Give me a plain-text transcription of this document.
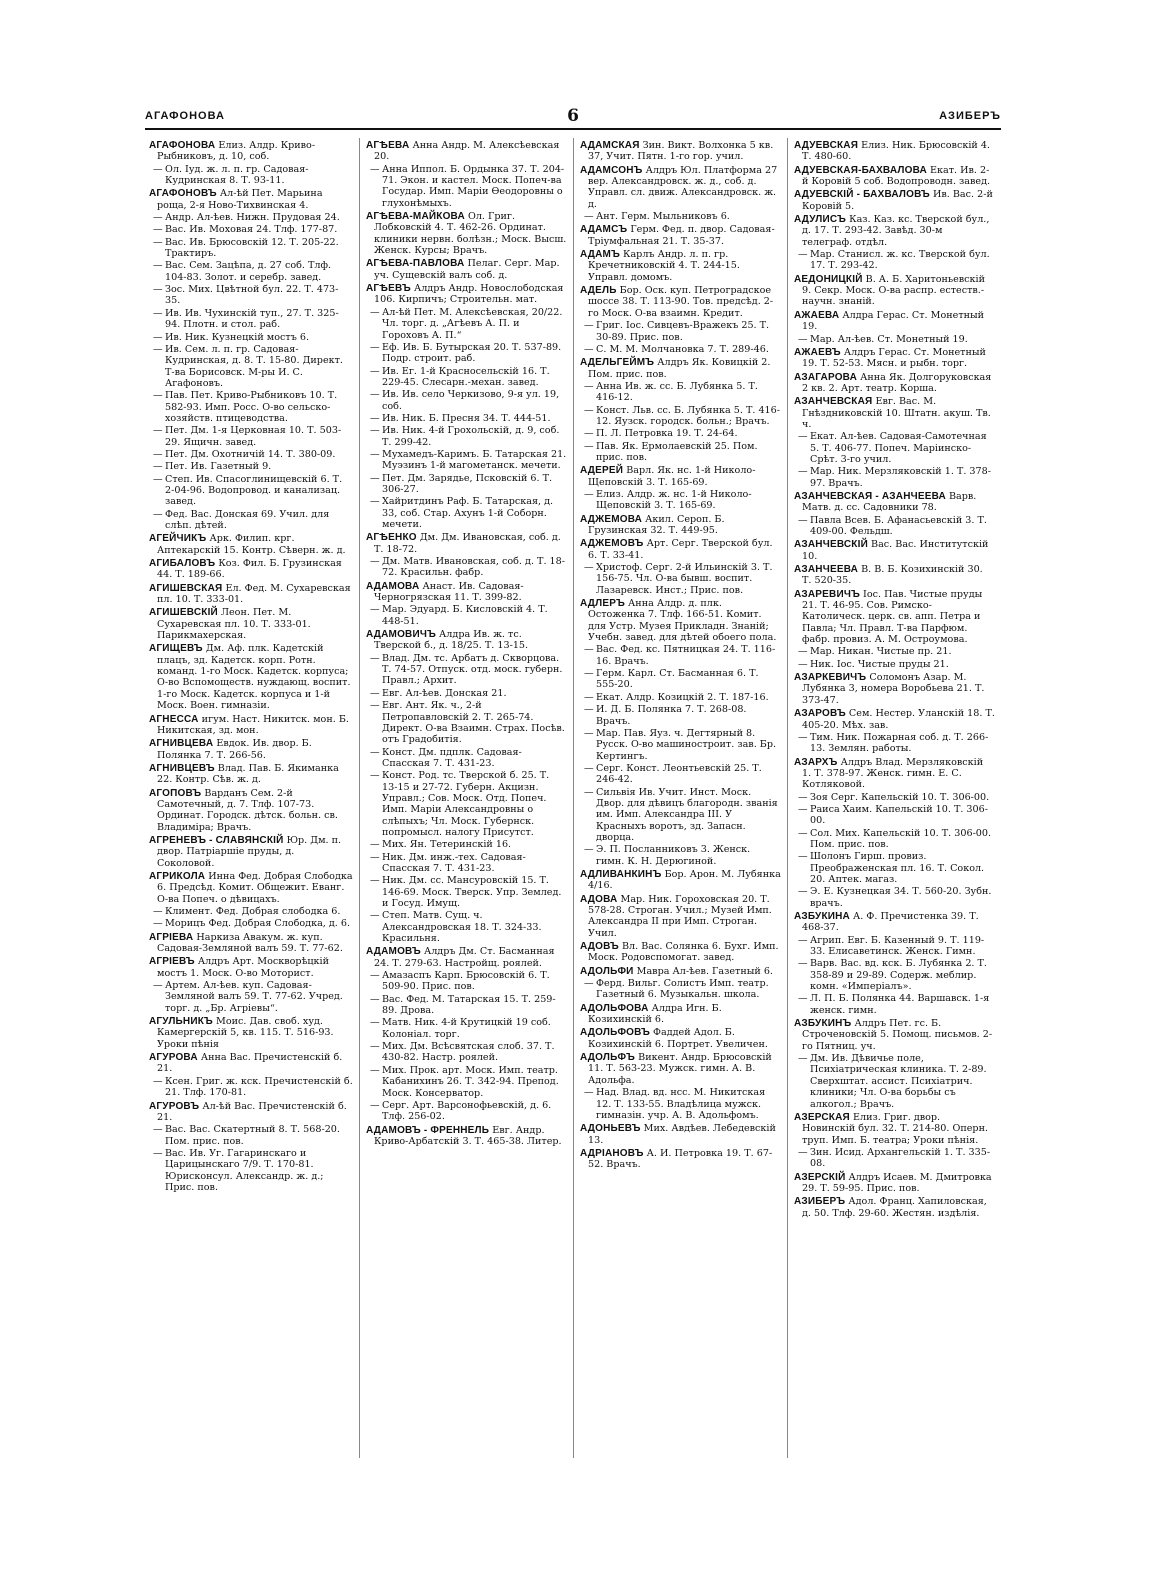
АГАФОНОВА	6	АЗИБЕРЪ
АГАФОНОВА Елиз. Алдр. Криво-Рыбниковъ, д. 10, соб.
— Ол. Іуд. ж. л. п. гр. Садовая-Кудринская 8. Т. 93-11.
АГАФОНОВЪ Ал-ѣй Пет. Марьина роща, 2-я Ново-Тихвинская 4.
— Андр. Ал-ѣев. Нижн. Прудовая 24.
— Вас. Ив. Моховая 24. Тлф. 177-87.
— Вас. Ив. Брюсовскій 12. Т. 205-22. Трактиръ.
— Вас. Сем. Зацѣпа, д. 27 соб. Тлф. 104-83. Золот. и серебр. завед.
— Зос. Мих. Цвѣтной бул. 22. Т. 473-35.
— Ив. Ив. Чухинскій туп., 27. Т. 325-94. Плотн. и стол. раб.
— Ив. Ник. Кузнецкій мостъ 6.
— Ив. Сем. л. п. гр. Садовая-Кудринская, д. 8. Т. 15-80. Директ. Т-ва Борисовск. М-ры И. С. Агафоновъ.
— Пав. Пет. Криво-Рыбниковъ 10. Т. 582-93. Имп. Росс. О-во сельско-хозяйств. птицеводства.
— Пет. Дм. 1-я Церковная 10. Т. 503-29. Ящичн. завед.
— Пет. Дм. Охотничій 14. Т. 380-09.
— Пет. Ив. Газетный 9.
— Степ. Ив. Спасоглинищевскій 6. Т. 2-04-96. Водопровод. и канализац. завед.
— Фед. Вас. Донская 69. Учил. для слѣп. дѣтей.
АГЕЙЧИКЪ Арк. Филип. крг. Аптекарскій 15. Контр. Сѣверн. ж. д.
АГИБАЛОВЪ Коз. Фил. Б. Грузинская 44. Т. 189-66.
АГИШЕВСКАЯ Ел. Фед. М. Сухаревская пл. 10. Т. 333-01.
АГИШЕВСКІЙ Леон. Пет. М. Сухаревская пл. 10. Т. 333-01. Парикмахерская.
АГИЩЕВЪ Дм. Аф. плк. Кадетскій плацъ, зд. Кадетск. корп. Ротн. команд. 1-го Моск. Кадетск. корпуса; О-во Вспомоществ. нуждающ. воспит. 1-го Моск. Кадетск. корпуса и 1-й Моск. Воен. гимназіи.
АГНЕССА игум. Наст. Никитск. мон. Б. Никитская, зд. мон.
АГНИВЦЕВА Евдок. Ив. двор. Б. Полянка 7. Т. 266-56.
АГНИВЦЕВЪ Влад. Пав. Б. Якиманка 22. Контр. Сѣв. ж. д.
АГОПОВЪ Варданъ Сем. 2-й Самотечный, д. 7. Тлф. 107-73. Ординат. Городск. дѣтск. больн. св. Владиміра; Врачъ.
АГРЕНЕВЪ - СЛАВЯНСКІЙ Юр. Дм. п. двор. Патріаршіе пруды, д. Соколовой.
АГРИКОЛА Инна Фед. Добрая Слободка 6. Предсѣд. Комит. Общежит. Еванг. О-ва Попеч. о дѣвицахъ.
— Климент. Фед. Добрая слободка 6.
— Морицъ Фед. Добрая Слободка, д. 6.
АГРІЕВА Наркиза Авакум. ж. куп. Садовая-Земляной валъ 59. Т. 77-62.
АГРІЕВЪ Алдръ Арт. Москворѣцкій мостъ 1. Моск. О-во Моторист.
— Артем. Ал-ѣев. куп. Садовая-Земляной валъ 59. Т. 77-62. Учред. торг. д. „Бр. Агріевы“.
АГУЛЬНИКЪ Моис. Дав. своб. худ. Камергерскій 5, кв. 115. Т. 516-93. Уроки пѣнія
АГУРОВА Анна Вас. Пречистенскій б. 21.
— Ксен. Григ. ж. кск. Пречистенскій б. 21. Тлф. 170-81.
АГУРОВЪ Ал-ѣй Вас. Пречистенскій б. 21.
— Вас. Вас. Скатертный 8. Т. 568-20. Пом. прис. пов.
— Вас. Ив. Уг. Гагаринскаго и Царицынскаго 7/9. Т. 170-81. Юрисконсул. Александр. ж. д.; Прис. пов.
АГѢЕВА Анна Андр. М. Алексѣевская 20.
— Анна Иппол. Б. Ордынка 37. Т. 204-71. Экон. и кастел. Моск. Попеч-ва Государ. Имп. Маріи Ѳеодоровны о глухонѣмыхъ.
АГѢЕВА-МАЙКОВА Ол. Григ. Лобковскій 4. Т. 462-26. Ординат. клиники нервн. болѣзн.; Моск. Высш. Женск. Курсы; Врачъ.
АГѢЕВА-ПАВЛОВА Пелаг. Серг. Мар. уч. Сущевскій валъ соб. д.
АГѢЕВЪ Алдръ Андр. Новослободская 106. Кирпичъ; Строительн. мат.
— Ал-ѣй Пет. М. Алексѣевская, 20/22. Чл. торг. д. „Агѣевъ А. П. и Гороховъ А. П.“
— Еф. Ив. Б. Бутырская 20. Т. 537-89. Подр. строит. раб.
— Ив. Ег. 1-й Красносельскій 16. Т. 229-45. Слесарн.-механ. завед.
— Ив. Ив. село Черкизово, 9-я ул. 19, соб.
— Ив. Ник. Б. Пресня 34. Т. 444-51.
— Ив. Ник. 4-й Грохольскій, д. 9, соб. Т. 299-42.
— Мухамедъ-Каримъ. Б. Татарская 21. Муэзинъ 1-й магометанск. мечети.
— Пет. Дм. Зарядье, Псковскій 6. Т. 306-27.
— Хайритдинъ Раф. Б. Татарская, д. 33, соб. Стар. Ахунъ 1-й Соборн. мечети.
АГѢЕНКО Дм. Дм. Ивановская, соб. д. Т. 18-72.
— Дм. Матв. Ивановская, соб. д. Т. 18-72. Красильн. фабр.
АДАМОВА Анаст. Ив. Садовая-Черногрязская 11. Т. 399-82.
— Мар. Эдуард. Б. Кисловскій 4. Т. 448-51.
АДАМОВИЧЪ Алдра Ив. ж. тс. Тверской б., д. 18/25. Т. 13-15.
— Влад. Дм. тс. Арбатъ д. Скворцова. Т. 74-57. Отпуск. отд. моск. губерн. Правл.; Архит.
— Евг. Ал-ѣев. Донская 21.
— Евг. Ант. Як. ч., 2-й Петропавловскій 2. Т. 265-74. Директ. О-ва Взаимн. Страх. Посѣв. отъ Градобитія.
— Конст. Дм. пдплк. Садовая-Спасская 7. Т. 431-23.
— Конст. Род. тс. Тверской б. 25. Т. 13-15 и 27-72. Губерн. Акцизн. Управл.; Сов. Моск. Отд. Попеч. Имп. Маріи Александровны о слѣпыхъ; Чл. Моск. Губернск. попромысл. налогу Присутст.
— Мих. Ян. Тетеринскій 16.
— Ник. Дм. инж.-тех. Садовая-Спасская 7. Т. 431-23.
— Ник. Дм. сс. Мансуровскій 15. Т. 146-69. Моск. Тверск. Упр. Землед. и Госуд. Имущ.
— Степ. Матв. Сущ. ч. Александровская 18. Т. 324-33. Красильня.
АДАМОВЪ Алдръ Дм. Ст. Басманная 24. Т. 279-63. Настройщ. роялей.
— Амазаспъ Карп. Брюсовскій 6. Т. 509-90. Прис. пов.
— Вас. Фед. М. Татарская 15. Т. 259-89. Дрова.
— Матв. Ник. 4-й Крутицкій 19 соб. Колоніал. торг.
— Мих. Дм. Всѣсвятская слоб. 37. Т. 430-82. Настр. роялей.
— Мих. Прок. арт. Моск. Имп. театр. Кабанихинъ 26. Т. 342-94. Препод. Моск. Консерватор.
— Серг. Арт. Варсонофьевскій, д. 6. Тлф. 256-02.
АДАМОВЪ - ФРЕННЕЛЬ Евг. Андр. Криво-Арбатскій 3. Т. 465-38. Литер.
АДАМСКАЯ Зин. Викт. Волхонка 5 кв. 37, Учит. Пятн. 1-го гор. учил.
АДАМСОНЪ Алдръ Юл. Платформа 27 вер. Александровск. ж. д., соб. д. Управл. сл. движ. Александровск. ж. д.
— Ант. Герм. Мыльниковъ 6.
АДАМСЪ Герм. Фед. п. двор. Садовая-Тріумфальная 21. Т. 35-37.
АДАМЪ Карлъ Андр. л. п. гр. Кречетниковскій 4. Т. 244-15. Управл. домомъ.
АДЕЛЬ Бор. Оск. куп. Петроградское шоссе 38. Т. 113-90. Тов. предсѣд. 2-го Моск. О-ва взаимн. Кредит.
— Григ. Іос. Сивцевъ-Вражекъ 25. Т. 30-89. Прис. пов.
— С. М. М. Молчановка 7. Т. 289-46.
АДЕЛЬГЕЙМЪ Алдръ Як. Ковицкій 2. Пом. прис. пов.
— Анна Ив. ж. сс. Б. Лубянка 5. Т. 416-12.
— Конст. Льв. сс. Б. Лубянка 5. Т. 416-12. Яузск. городск. больн.; Врачъ.
— П. Л. Петровка 19. Т. 24-64.
— Пав. Як. Ермолаевскій 25. Пом. прис. пов.
АДЕРЕЙ Варл. Як. нс. 1-й Николо-Щеповскій 3. Т. 165-69.
— Елиз. Алдр. ж. нс. 1-й Николо-Щеповскій 3. Т. 165-69.
АДЖЕМОВА Акил. Сероп. Б. Грузинская 32. Т. 449-95.
АДЖЕМОВЪ Арт. Серг. Тверской бул. 6. Т. 33-41.
— Христоф. Серг. 2-й Ильинскій 3. Т. 156-75. Чл. О-ва бывш. воспит. Лазаревск. Инст.; Прис. пов.
АДЛЕРЪ Анна Алдр. д. плк. Остоженка 7. Тлф. 166-51. Комит. для Устр. Музея Прикладн. Знаній; Учебн. завед. для дѣтей обоего пола.
— Вас. Фед. кс. Пятницкая 24. Т. 116-16. Врачъ.
— Герм. Карл. Ст. Басманная 6. Т. 555-20.
— Екат. Алдр. Козицкій 2. Т. 187-16.
— И. Д. Б. Полянка 7. Т. 268-08. Врачъ.
— Мар. Пав. Яуз. ч. Дегтярный 8. Русск. О-во машиностроит. зав. Бр. Кертингъ.
— Серг. Конст. Леонтьевскій 25. Т. 246-42.
— Сильвія Ив. Учит. Инст. Моск. Двор. для дѣвицъ благородн. званія им. Имп. Александра III. У Красныхъ воротъ, зд. Запасн. дворца.
— Э. П. Посланниковъ 3. Женск. гимн. К. Н. Дерюгиной.
АДЛИВАНКИНЪ Бор. Арон. М. Лубянка 4/16.
АДОВА Мар. Ник. Гороховская 20. Т. 578-28. Строган. Учил.; Музей Имп. Александра II при Имп. Строган. Учил.
АДОВЪ Вл. Вас. Солянка 6. Бухг. Имп. Моск. Родовспомогат. завед.
АДОЛЬФИ Мавра Ал-ѣев. Газетный 6.
— Ферд. Вильг. Солистъ Имп. театр. Газетный 6. Музыкальн. школа.
АДОЛЬФОВА Алдра Игн. Б. Козихинскій 6.
АДОЛЬФОВЪ Фаддей Адол. Б. Козихинскій 6. Портрет. Увеличен.
АДОЛЬФЪ Викент. Андр. Брюсовскій 11. Т. 563-23. Мужск. гимн. А. В. Адольфа.
— Над. Влад. вд. нсс. М. Никитская 12. Т. 133-55. Владѣлица мужск. гимназін. учр. А. В. Адольфомъ.
АДОНЬЕВЪ Мих. Авдѣев. Лебедевскій 13.
АДРІАНОВЪ А. И. Петровка 19. Т. 67-52. Врачъ.
АДУЕВСКАЯ Елиз. Ник. Брюсовскій 4. Т. 480-60.
АДУЕВСКАЯ-БАХВАЛОВА Екат. Ив. 2-й Коровій 5 соб. Водопроводн. завед.
АДУЕВСКІЙ - БАХВАЛОВЪ Ив. Вас. 2-й Коровій 5.
АДУЛИСЪ Каз. Каз. кс. Тверской бул., д. 17. Т. 293-42. Завѣд. 30-м телеграф. отдѣл.
— Мар. Станисл. ж. кс. Тверской бул. 17. Т. 293-42.
АЕДОНИЦКІЙ В. А. Б. Харитоньевскій 9. Секр. Моск. О-ва распр. естеств.-научн. знаній.
АЖАЕВА Алдра Герас. Ст. Монетный 19.
— Мар. Ал-ѣев. Ст. Монетный 19.
АЖАЕВЪ Алдръ Герас. Ст. Монетный 19. Т. 52-53. Мясн. и рыбн. торг.
АЗАГАРОВА Анна Як. Долгоруковская 2 кв. 2. Арт. театр. Корша.
АЗАНЧЕВСКАЯ Евг. Вас. М. Гнѣздниковскій 10. Штатн. акуш. Тв. ч.
— Екат. Ал-ѣев. Садовая-Самотечная 5. Т. 406-77. Попеч. Маріинско-Срѣт. 3-го учил.
— Мар. Ник. Мерзляковскій 1. Т. 378-97. Врачъ.
АЗАНЧЕВСКАЯ - АЗАНЧЕЕВА Варв. Матв. д. сс. Садовники 78.
— Павла Всев. Б. Афанасьевскій 3. Т. 409-00. Фельдш.
АЗАНЧЕВСКІЙ Вас. Вас. Институтскій 10.
АЗАНЧЕЕВА В. В. Б. Козихинскій 30. Т. 520-35.
АЗАРЕВИЧЪ Іос. Пав. Чистые пруды 21. Т. 46-95. Сов. Римско-Католическ. церк. св. апп. Петра и Павла; Чл. Правл. Т-ва Парфюм. фабр. провиз. А. М. Остроумова.
— Мар. Никан. Чистые пр. 21.
— Ник. Іос. Чистые пруды 21.
АЗАРКЕВИЧЪ Соломонъ Азар. М. Лубянка 3, номера Воробьева 21. Т. 373-47.
АЗАРОВЪ Сем. Нестер. Уланскій 18. Т. 405-20. Мѣх. зав.
— Тим. Ник. Пожарная соб. д. Т. 266-13. Землян. работы.
АЗАРХЪ Алдръ Влад. Мерзляковскій 1. Т. 378-97. Женск. гимн. Е. С. Котляковой.
— Зоя Серг. Капельскій 10. Т. 306-00.
— Раиса Хаим. Капельскій 10. Т. 306-00.
— Сол. Мих. Капельскій 10. Т. 306-00. Пом. прис. пов.
— Шолонъ Гирш. провиз. Преображенская пл. 16. Т. Сокол. 20. Аптек. магаз.
— Э. Е. Кузнецкая 34. Т. 560-20. Зубн. врачъ.
АЗБУКИНА А. Ф. Пречистенка 39. Т. 468-37.
— Агрип. Евг. Б. Казенный 9. Т. 119-33. Елисаветинск. Женск. Гимн.
— Варв. Вас. вд. кск. Б. Лубянка 2. Т. 358-89 и 29-89. Содерж. меблир. комн. «Имперіалъ».
— Л. П. Б. Полянка 44. Варшавск. 1-я женск. гимн.
АЗБУКИНЪ Алдръ Пет. гс. Б. Строченовскій 5. Помощ. письмов. 2-го Пятниц. уч.
— Дм. Ив. Дѣвичье поле, Психіатрическая клиника. Т. 2-89. Сверхштат. ассист. Психіатрич. клиники; Чл. О-ва борьбы съ алкогол.; Врачъ.
АЗЕРСКАЯ Елиз. Григ. двор. Новинскій бул. 32. Т. 214-80. Оперн. труп. Имп. Б. театра; Уроки пѣнія.
— Зин. Исид. Архангельскій 1. Т. 335-08.
АЗЕРСКІЙ Алдръ Исаев. М. Дмитровка 29. Т. 59-95. Прис. пов.
АЗИБЕРЪ Адол. Франц. Хапиловская, д. 50. Тлф. 29-60. Жестян. издѣлія.
